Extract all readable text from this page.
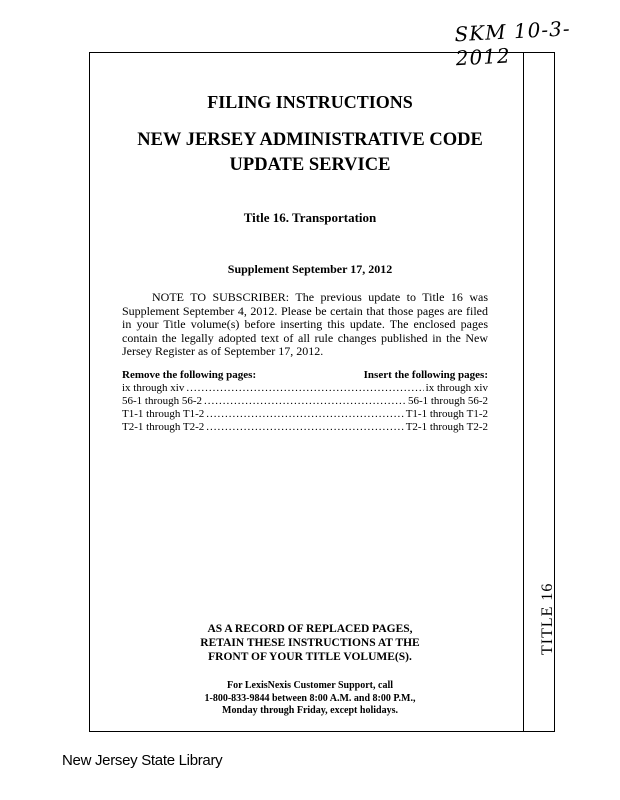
SKM 10-3-2012
TITLE 16
FILING INSTRUCTIONS
NEW JERSEY ADMINISTRATIVE CODE
UPDATE SERVICE
Title 16. Transportation
Supplement September 17, 2012
NOTE TO SUBSCRIBER: The previous update to Title 16 was Supplement September 4, 2012. Please be certain that those pages are filed in your Title volume(s) before inserting this update. The enclosed pages contain the legally adopted text of all rule changes published in the New Jersey Register as of September 17, 2012.
Remove the following pages:	Insert the following pages:
ix through xiv .....	ix through xiv
56-1 through 56-2 .....	56-1 through 56-2
T1-1 through T1-2 .....	T1-1 through T1-2
T2-1 through T2-2 .....	T2-1 through T2-2
AS A RECORD OF REPLACED PAGES,
RETAIN THESE INSTRUCTIONS AT THE
FRONT OF YOUR TITLE VOLUME(S).
For LexisNexis Customer Support, call
1-800-833-9844 between 8:00 A.M. and 8:00 P.M.,
Monday through Friday, except holidays.
New Jersey State Library
